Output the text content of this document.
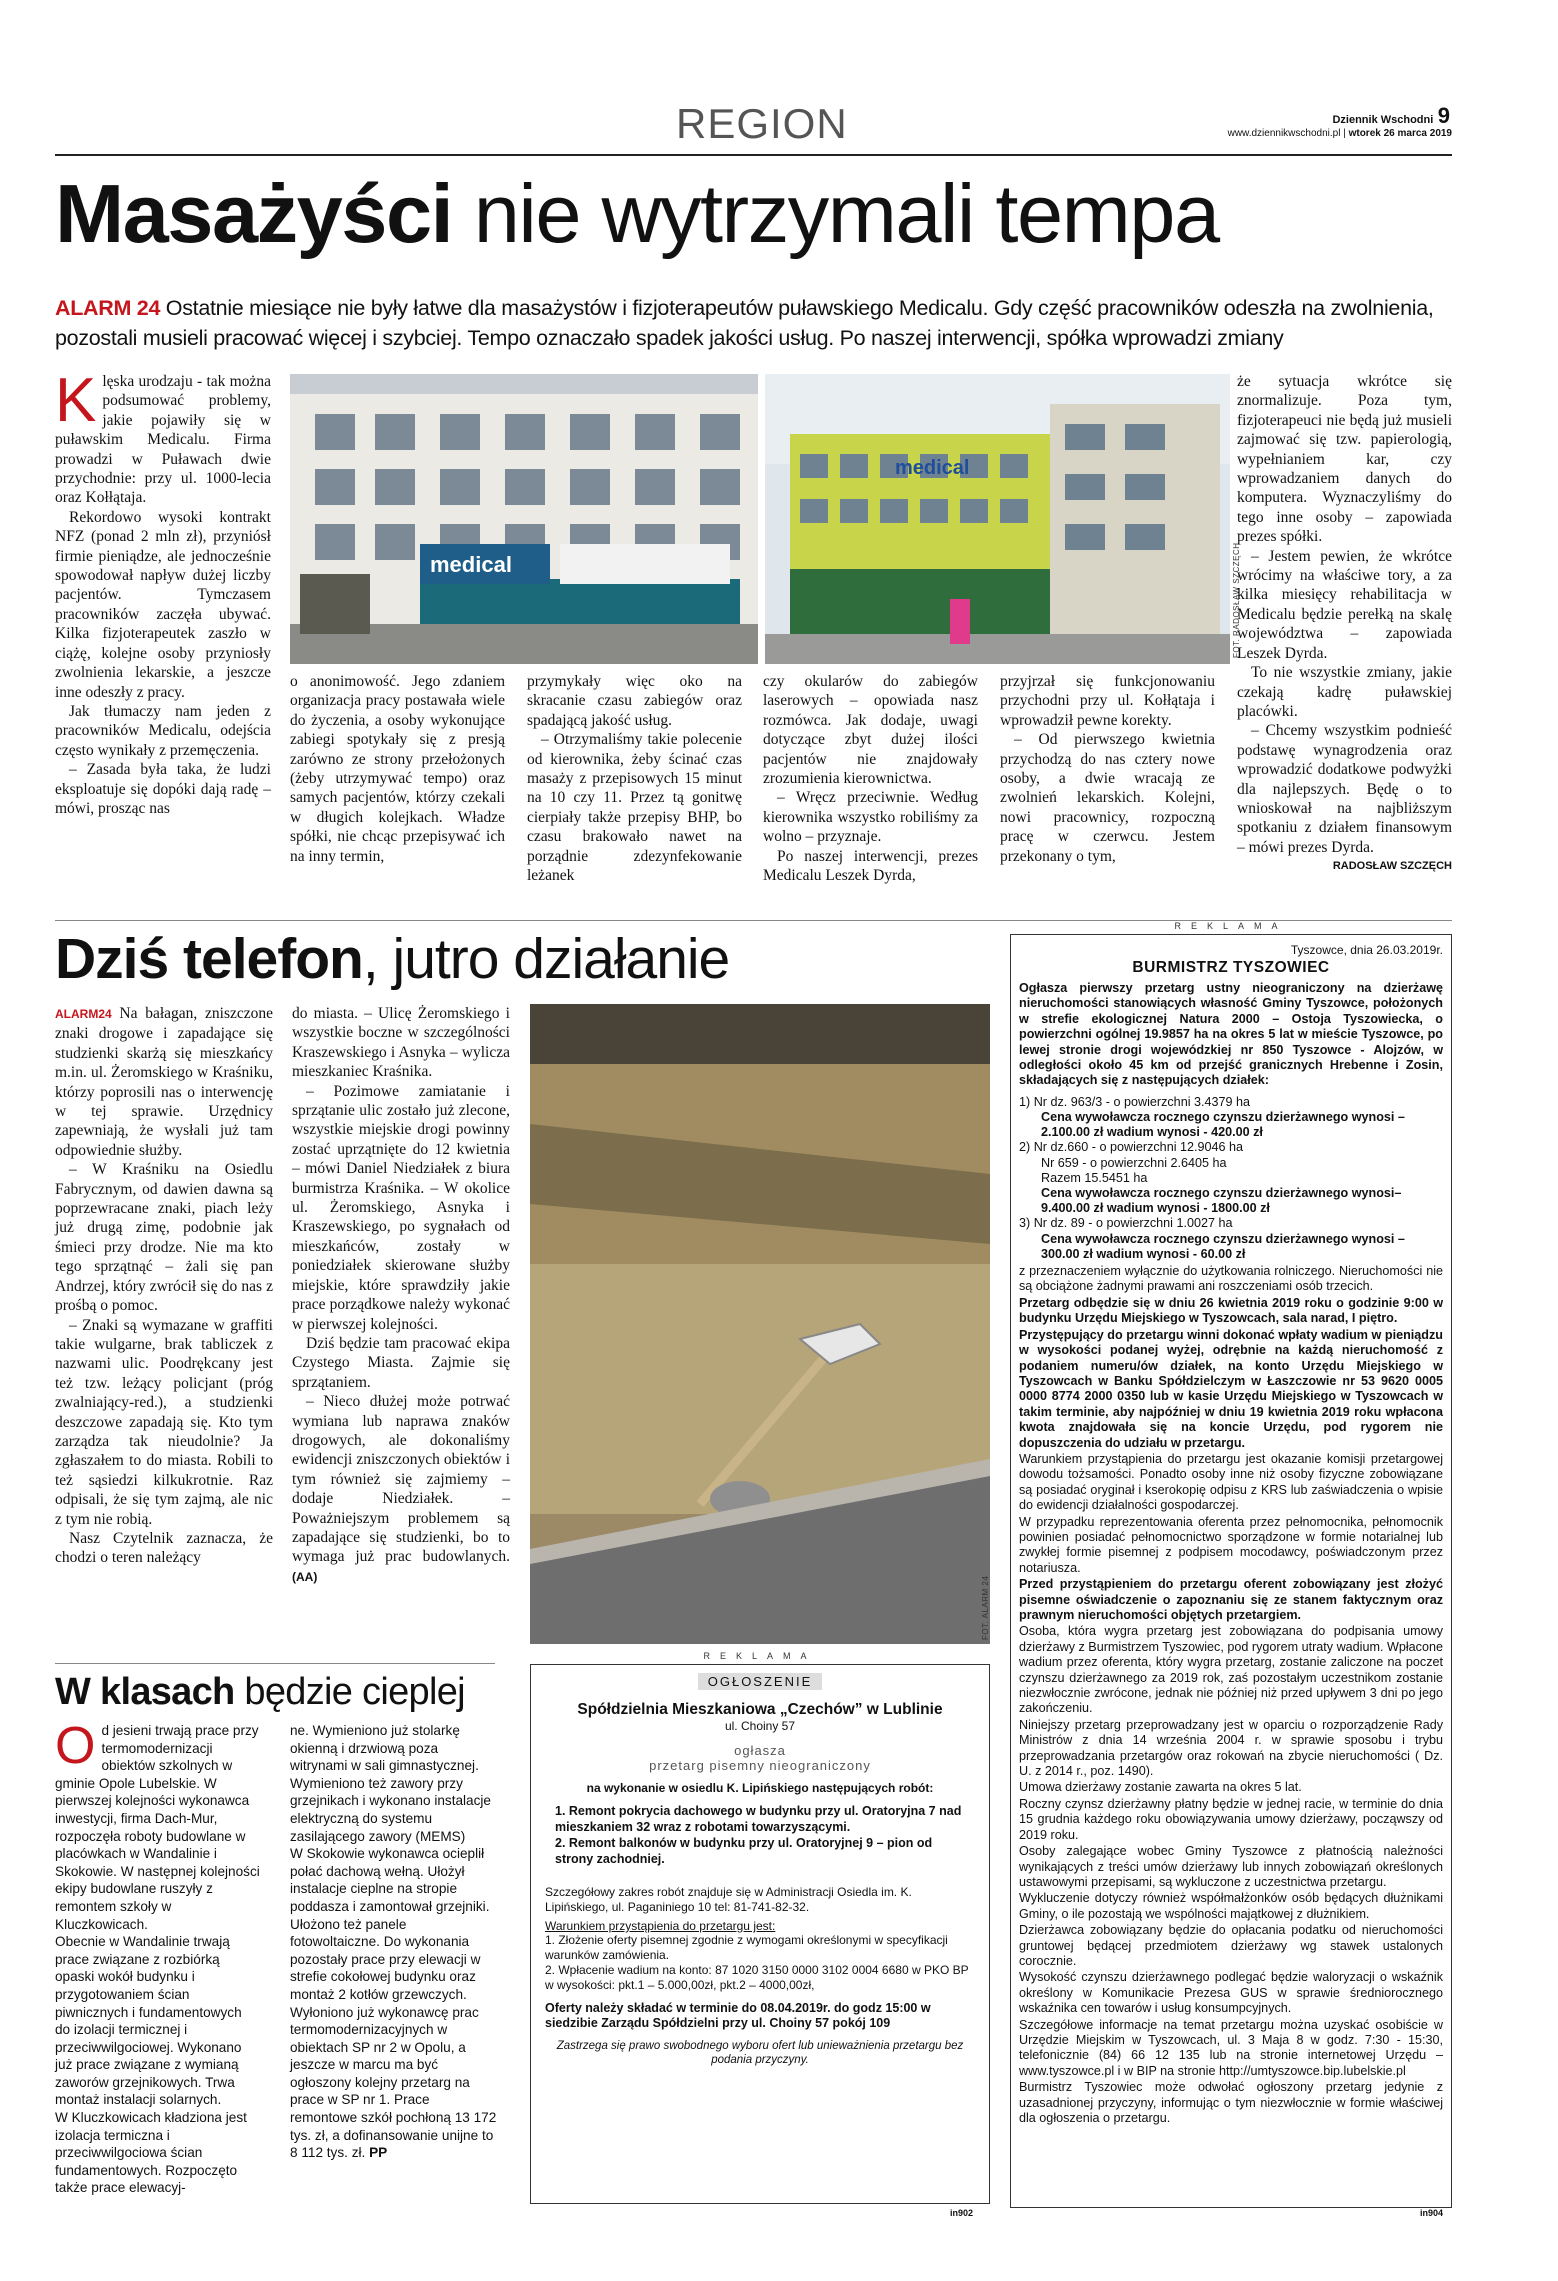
REGION	Dziennik Wschodni 9
www.dziennikwschodni.pl | wtorek 26 marca 2019
Masażyści nie wytrzymali tempa
ALARM 24 Ostatnie miesiące nie były łatwe dla masażystów i fizjoterapeutów puławskiego Medicalu. Gdy część pracowników odeszła na zwolnienia, pozostali musieli pracować więcej i szybciej. Tempo oznaczało spadek jakości usług. Po naszej interwencji, spółka wprowadzi zmiany

Klęska urodzaju - tak można podsumować problemy, jakie pojawiły się w puławskim Medicalu. Firma prowadzi w Puławach dwie przychodnie: przy ul. 1000-lecia oraz Kołłątaja.

Rekordowo wysoki kontrakt NFZ (ponad 2 mln zł), przyniósł firmie pieniądze, ale jednocześnie spowodował napływ dużej liczby pacjentów. Tymczasem pracowników zaczęła ubywać. Kilka fizjoterapeutek zaszło w ciążę, kolejne osoby przyniosły zwolnienia lekarskie, a jeszcze inne odeszły z pracy.

Jak tłumaczy nam jeden z pracowników Medicalu, odejścia często wynikały z przemęczenia.

– Zasada była taka, że ludzi eksploatuje się dopóki dają radę – mówi, prosząc nas

medical
medical
FOT. RADOSŁAW SZCZĘCH

o anonimowość. Jego zdaniem organizacja pracy postawała wiele do życzenia, a osoby wykonujące zabiegi spotykały się z presją zarówno ze strony przełożonych (żeby utrzymywać tempo) oraz samych pacjentów, którzy czekali w długich kolejkach. Władze spółki, nie chcąc przepisywać ich na inny termin,

przymykały więc oko na skracanie czasu zabiegów oraz spadającą jakość usług.

– Otrzymaliśmy takie polecenie od kierownika, żeby ścinać czas masaży z przepisowych 15 minut na 10 czy 11. Przez tą gonitwę cierpiały także przepisy BHP, bo czasu brakowało nawet na porządnie zdezynfekowanie leżanek

czy okularów do zabiegów laserowych – opowiada nasz rozmówca. Jak dodaje, uwagi dotyczące zbyt dużej ilości pacjentów nie znajdowały zrozumienia kierownictwa.

– Wręcz przeciwnie. Według kierownika wszystko robiliśmy za wolno – przyznaje.

Po naszej interwencji, prezes Medicalu Leszek Dyrda,

przyjrzał się funkcjonowaniu przychodni przy ul. Kołłątaja i wprowadził pewne korekty.

– Od pierwszego kwietnia przychodzą do nas cztery nowe osoby, a dwie wracają ze zwolnień lekarskich. Kolejni, nowi pracownicy, rozpoczną pracę w czerwcu. Jestem przekonany o tym,

że sytuacja wkrótce się znormalizuje. Poza tym, fizjoterapeuci nie będą już musieli zajmować się tzw. papierologią, wypełnianiem kar, czy wprowadzaniem danych do komputera. Wyznaczyliśmy do tego inne osoby – zapowiada prezes spółki.

– Jestem pewien, że wkrótce wrócimy na właściwe tory, a za kilka miesięcy rehabilitacja w Medicalu będzie perełką na skalę województwa – zapowiada Leszek Dyrda.

To nie wszystkie zmiany, jakie czekają kadrę puławskiej placówki.

– Chcemy wszystkim podnieść podstawę wynagrodzenia oraz wprowadzić dodatkowe podwyżki dla najlepszych. Będę o to wnioskował na najbliższym spotkaniu z działem finansowym – mówi prezes Dyrda.

RADOSŁAW SZCZĘCH

Dziś telefon, jutro działanie

ALARM24 Na bałagan, zniszczone znaki drogowe i zapadające się studzienki skarżą się mieszkańcy m.in. ul. Żeromskiego w Kraśniku, którzy poprosili nas o interwencję w tej sprawie. Urzędnicy zapewniają, że wysłali już tam odpowiednie służby.

– W Kraśniku na Osiedlu Fabrycznym, od dawien dawna są poprzewracane znaki, piach leży już drugą zimę, podobnie jak śmieci przy drodze. Nie ma kto tego sprzątnąć – żali się pan Andrzej, który zwrócił się do nas z prośbą o pomoc.

– Znaki są wymazane w graffiti takie wulgarne, brak tabliczek z nazwami ulic. Poodrękcany jest też tzw. leżący policjant (próg zwalniający-red.), a studzienki deszczowe zapadają się. Kto tym zarządza tak nieudolnie? Ja zgłaszałem to do miasta. Robili to też sąsiedzi kilkukrotnie. Raz odpisali, że się tym zajmą, ale nic z tym nie robią.

Nasz Czytelnik zaznacza, że chodzi o teren należący

do miasta. – Ulicę Żeromskiego i wszystkie boczne w szczególności Kraszewskiego i Asnyka – wylicza mieszkaniec Kraśnika.

– Pozimowe zamiatanie i sprzątanie ulic zostało już zlecone, wszystkie miejskie drogi powinny zostać uprzątnięte do 12 kwietnia – mówi Daniel Niedziałek z biura burmistrza Kraśnika. – W okolice ul. Żeromskiego, Asnyka i Kraszewskiego, po sygnałach od mieszkańców, zostały w poniedziałek skierowane służby miejskie, które sprawdziły jakie prace porządkowe należy wykonać w pierwszej kolejności.

Dziś będzie tam pracować ekipa Czystego Miasta. Zajmie się sprzątaniem.

– Nieco dłużej może potrwać wymiana lub naprawa znaków drogowych, ale dokonaliśmy ewidencji zniszczonych obiektów i tym również się zajmiemy – dodaje Niedziałek. – Poważniejszym problemem są zapadające się studzienki, bo to wymaga już prac budowlanych. (AA)	FOT. ALARM 24
W klasach będzie cieplej

Od jesieni trwają prace przy termomodernizacji obiektów szkolnych w gminie Opole Lubelskie. W pierwszej kolejności wykonawca inwestycji, firma Dach-Mur, rozpoczęła roboty budowlane w placówkach w Wandalinie i Skokowie. W następnej kolejności ekipy budowlane ruszyły z remontem szkoły w Kluczkowicach.

Obecnie w Wandalinie trwają prace związane z rozbiórką opaski wokół budynku i przygotowaniem ścian piwnicznych i fundamentowych do izolacji termicznej i przeciwwilgociowej. Wykonano już prace związane z wymianą zaworów grzejnikowych. Trwa montaż instalacji solarnych.

W Kluczkowicach kładziona jest izolacja termiczna i przeciwwilgociowa ścian fundamentowych. Rozpoczęto także prace elewacyj-

ne. Wymieniono już stolarkę okienną i drzwiową poza witrynami w sali gimnastycznej. Wymieniono też zawory przy grzejnikach i wykonano instalacje elektryczną do systemu zasilającego zawory (MEMS)

W Skokowie wykonawca ocieplił połać dachową wełną. Ułożył instalacje cieplne na stropie poddasza i zamontował grzejniki. Ułożono też panele fotowoltaiczne. Do wykonania pozostały prace przy elewacji w strefie cokołowej budynku oraz montaż 2 kotłów grzewczych.

Wyłoniono już wykonawcę prac termomodernizacyjnych w obiektach SP nr 2 w Opolu, a jeszcze w marcu ma być ogłoszony kolejny przetarg na prace w SP nr 1. Prace remontowe szkół pochłoną 13 172 tys. zł, a dofinansowanie unijne to 8 112 tys. zł. PP

REKLAMA
OGŁOSZENIE
Spółdzielnia Mieszkaniowa „Czechów” w Lublinie
ul. Choiny 57
ogłasza
przetarg pisemny nieograniczony
na wykonanie w osiedlu K. Lipińskiego następujących robót:

1. Remont pokrycia dachowego w budynku przy ul. Oratoryjna 7 nad mieszkaniem 32 wraz z robotami towarzyszącymi.

2. Remont balkonów w budynku przy ul. Oratoryjnej 9 – pion od strony zachodniej.

Szczegółowy zakres robót znajduje się w Administracji Osiedla im. K. Lipińskiego, ul. Paganiniego 10 tel: 81-741-82-32.
Warunkiem przystąpienia do przetargu jest:

1. Złożenie oferty pisemnej zgodnie z wymogami określonymi w specyfikacji warunków zamówienia.

2. Wpłacenie wadium na konto: 87 1020 3150 0000 3102 0004 6680 w PKO BP w wysokości: pkt.1 – 5.000,00zł, pkt.2 – 4000,00zł,

Oferty należy składać w terminie do 08.04.2019r. do godz 15:00 w siedzibie Zarządu Spółdzielni przy ul. Choiny 57 pokój 109
Zastrzega się prawo swobodnego wyboru ofert lub unieważnienia przetargu bez podania przyczyny.
in902
REKLAMA
Tyszowce, dnia 26.03.2019r.
BURMISTRZ TYSZOWIEC
Ogłasza pierwszy przetarg ustny nieograniczony na dzierżawę nieruchomości stanowiących własność Gminy Tyszowce, położonych w strefie ekologicznej Natura 2000 – Ostoja Tyszowiecka, o powierzchni ogólnej 19.9857 ha na okres 5 lat w mieście Tyszowce, po lewej stronie drogi wojewódzkiej nr 850 Tyszowce - Alojzów, w odległości około 45 km od przejść granicznych Hrebenne i Zosin, składających się z następujących działek:

1) Nr dz. 963/3 - o powierzchni 3.4379 ha

Cena wywoławcza rocznego czynszu dzierżawnego wynosi – 2.100.00 zł wadium wynosi - 420.00 zł

2) Nr dz.660 - o powierzchni 12.9046 ha

Nr 659 - o powierzchni 2.6405 ha

Razem 15.5451 ha

Cena wywoławcza rocznego czynszu dzierżawnego wynosi– 9.400.00 zł wadium wynosi - 1800.00 zł

3) Nr dz. 89 - o powierzchni 1.0027 ha

Cena wywoławcza rocznego czynszu dzierżawnego wynosi – 300.00 zł wadium wynosi - 60.00 zł

z przeznaczeniem wyłącznie do użytkowania rolniczego. Nieruchomości nie są obciążone żadnymi prawami ani roszczeniami osób trzecich.

Przetarg odbędzie się w dniu 26 kwietnia 2019 roku o godzinie 9:00 w budynku Urzędu Miejskiego w Tyszowcach, sala narad, I piętro.

Przystępujący do przetargu winni dokonać wpłaty wadium w pieniądzu w wysokości podanej wyżej, odrębnie na każdą nieruchomość z podaniem numeru/ów działek, na konto Urzędu Miejskiego w Tyszowcach w Banku Spółdzielczym w Łaszczowie nr 53 9620 0005 0000 8774 2000 0350 lub w kasie Urzędu Miejskiego w Tyszowcach w takim terminie, aby najpóźniej w dniu 19 kwietnia 2019 roku wpłacona kwota znajdowała się na koncie Urzędu, pod rygorem nie dopuszczenia do udziału w przetargu.

Warunkiem przystąpienia do przetargu jest okazanie komisji przetargowej dowodu tożsamości. Ponadto osoby inne niż osoby fizyczne zobowiązane są posiadać oryginał i kserokopię odpisu z KRS lub zaświadczenia o wpisie do ewidencji działalności gospodarczej.

W przypadku reprezentowania oferenta przez pełnomocnika, pełnomocnik powinien posiadać pełnomocnictwo sporządzone w formie notarialnej lub zwykłej formie pisemnej z podpisem mocodawcy, poświadczonym przez notariusza.

Przed przystąpieniem do przetargu oferent zobowiązany jest złożyć pisemne oświadczenie o zapoznaniu się ze stanem faktycznym oraz prawnym nieruchomości objętych przetargiem.

Osoba, która wygra przetarg jest zobowiązana do podpisania umowy dzierżawy z Burmistrzem Tyszowiec, pod rygorem utraty wadium. Wpłacone wadium przez oferenta, który wygra przetarg, zostanie zaliczone na poczet czynszu dzierżawnego za 2019 rok, zaś pozostałym uczestnikom zostanie niezwłocznie zwrócone, jednak nie później niż przed upływem 3 dni po jego zakończeniu.

Niniejszy przetarg przeprowadzany jest w oparciu o rozporządzenie Rady Ministrów z dnia 14 września 2004 r. w sprawie sposobu i trybu przeprowadzania przetargów oraz rokowań na zbycie nieruchomości ( Dz. U. z 2014 r., poz. 1490).

Umowa dzierżawy zostanie zawarta na okres 5 lat.

Roczny czynsz dzierżawny płatny będzie w jednej racie, w terminie do dnia 15 grudnia każdego roku obowiązywania umowy dzierżawy, począwszy od 2019 roku.

Osoby zalegające wobec Gminy Tyszowce z płatnością należności wynikających z treści umów dzierżawy lub innych zobowiązań określonych ustawowymi przepisami, są wykluczone z uczestnictwa przetargu.

Wykluczenie dotyczy również współmałżonków osób będących dłużnikami Gminy, o ile pozostają we wspólności majątkowej z dłużnikiem.

Dzierżawca zobowiązany będzie do opłacania podatku od nieruchomości gruntowej będącej przedmiotem dzierżawy wg stawek ustalonych corocznie.

Wysokość czynszu dzierżawnego podlegać będzie waloryzacji o wskaźnik określony w Komunikacie Prezesa GUS w sprawie średniorocznego wskaźnika cen towarów i usług konsumpcyjnych.

Szczegółowe informacje na temat przetargu można uzyskać osobiście w Urzędzie Miejskim w Tyszowcach, ul. 3 Maja 8 w godz. 7:30 - 15:30, telefonicznie (84) 66 12 135 lub na stronie internetowej Urzędu – www.tyszowce.pl i w BIP na stronie http://umtyszowce.bip.lubelskie.pl

Burmistrz Tyszowiec może odwołać ogłoszony przetarg jedynie z uzasadnionej przyczyny, informując o tym niezwłocznie w formie właściwej dla ogłoszenia o przetargu.

in904
